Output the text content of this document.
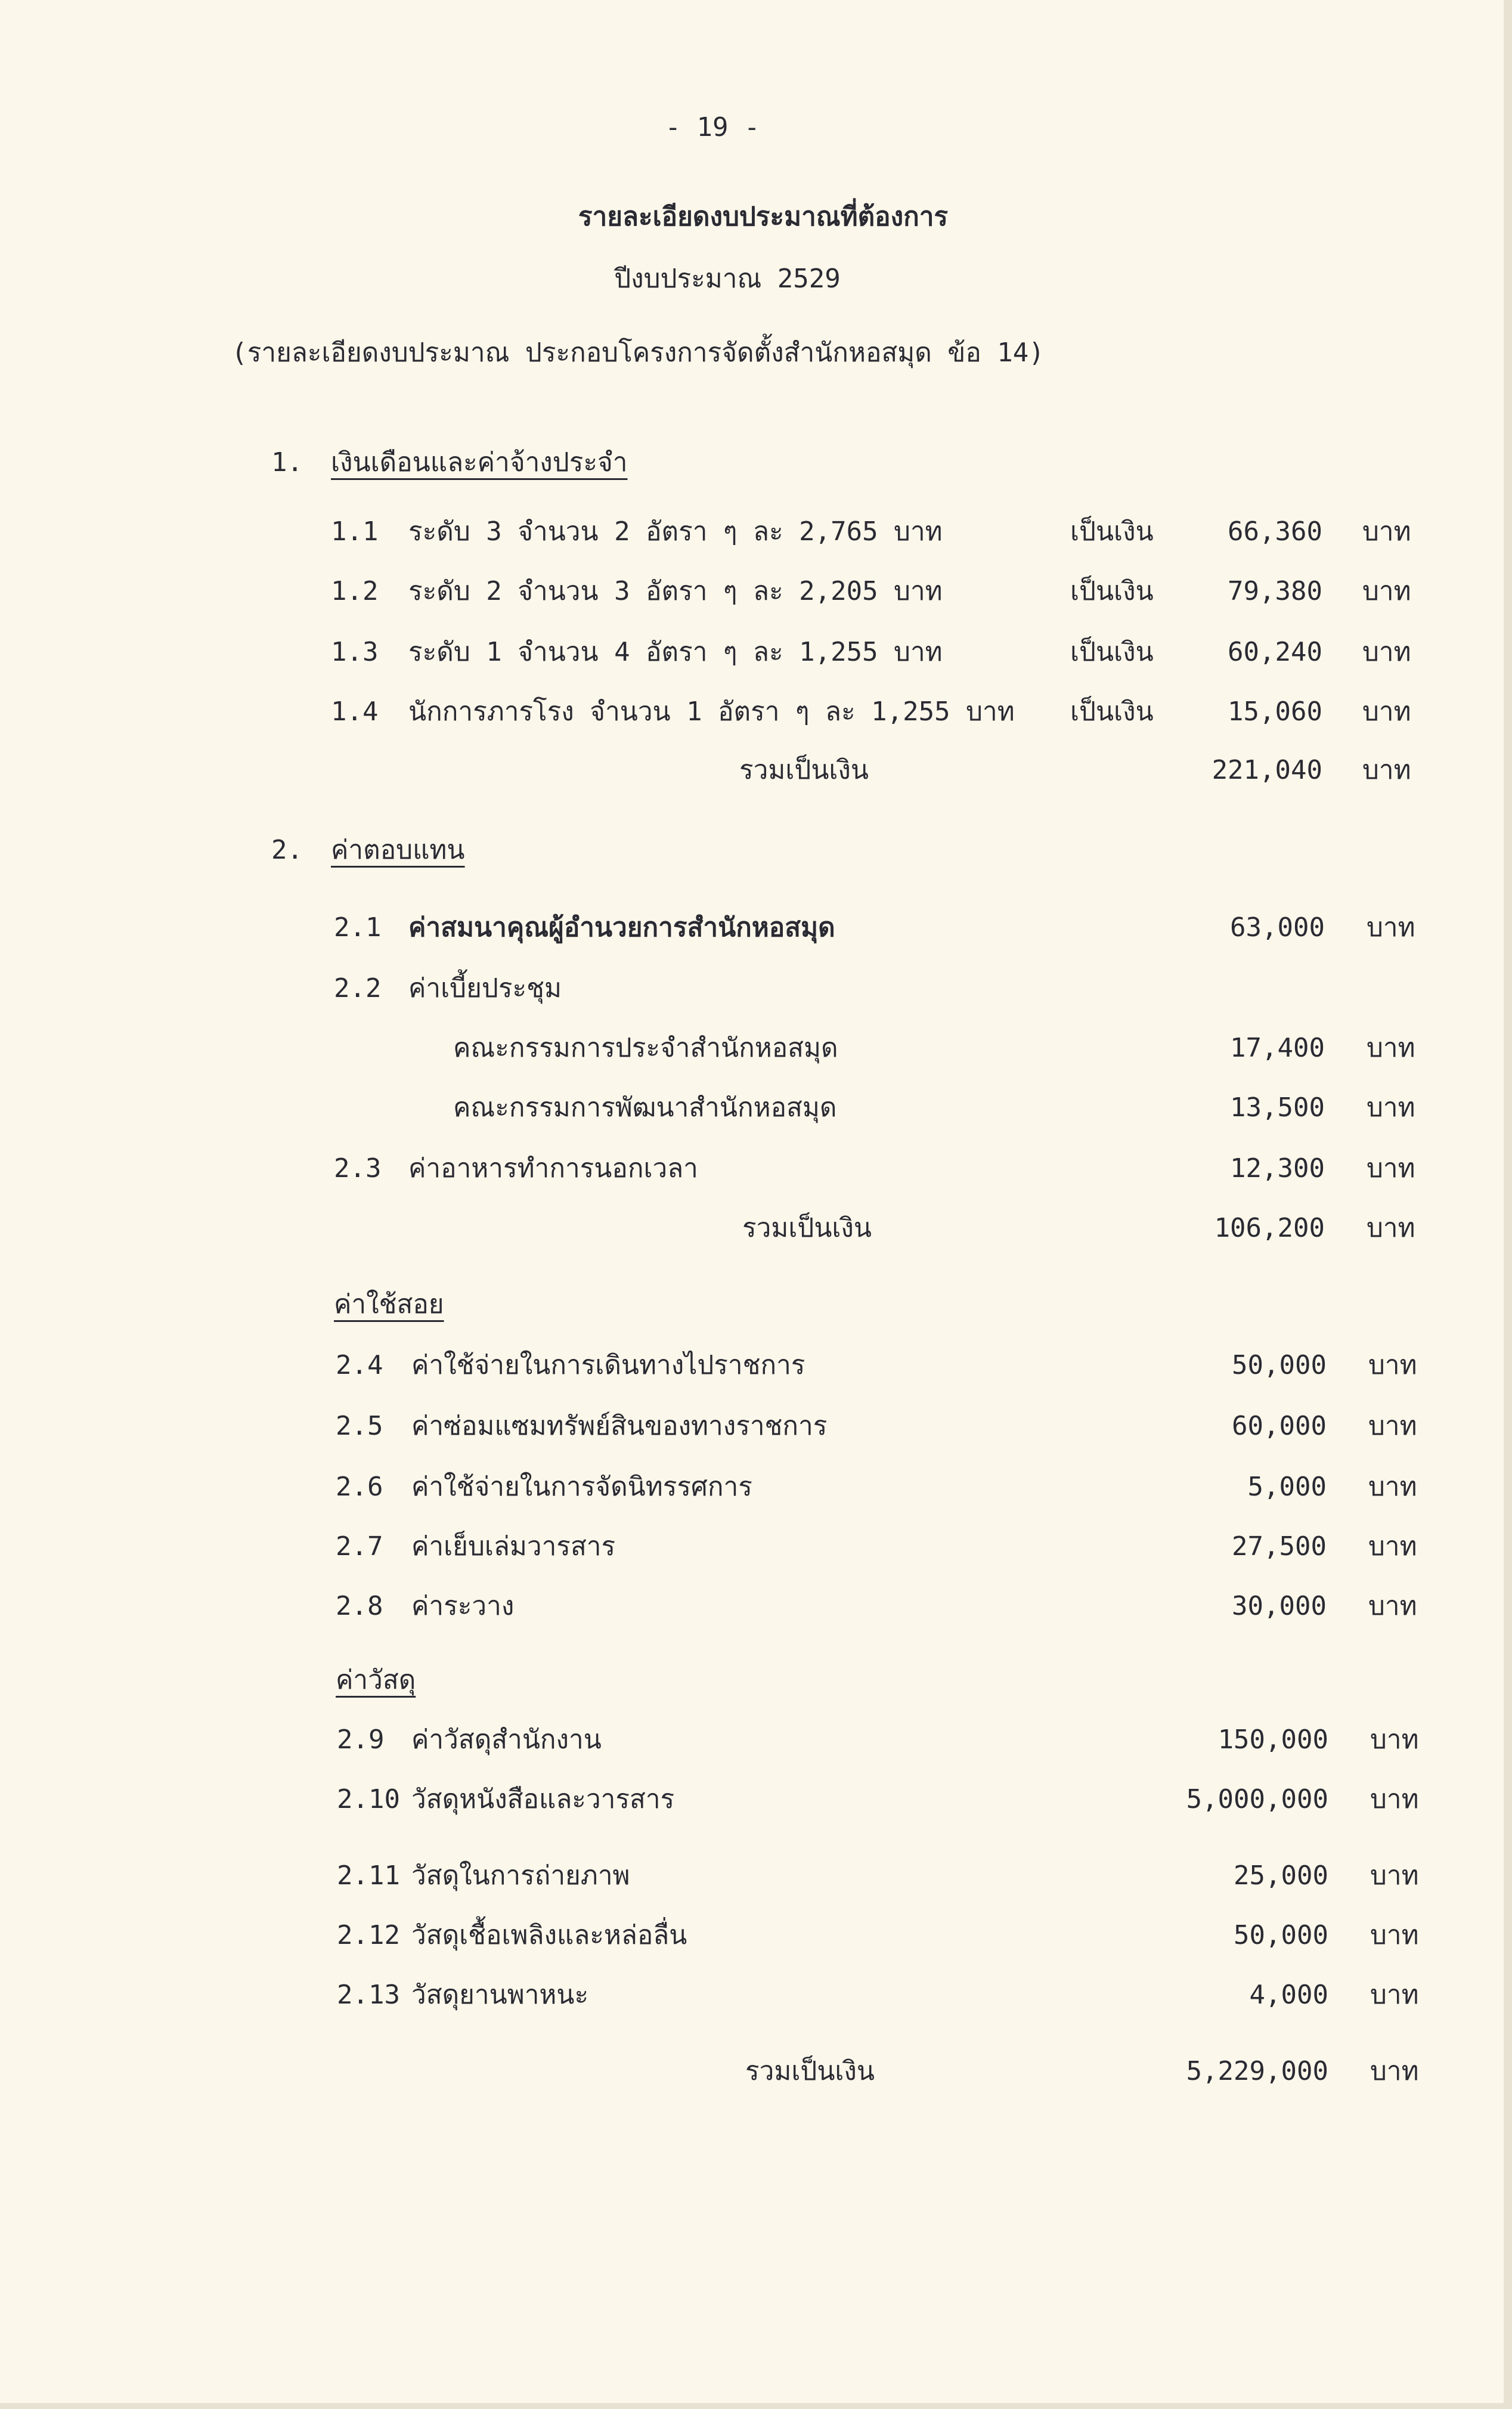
- 19 -
รายละเอียดงบประมาณที่ต้องการ
ปีงบประมาณ 2529
(รายละเอียดงบประมาณ ประกอบโครงการจัดตั้งสำนักหอสมุด ข้อ 14)
1. เงินเดือนและค่าจ้างประจำ
1.1 ระดับ 3 จำนวน 2 อัตรา ๆ ละ 2,765 บาท	เป็นเงิน	66,360 บาท
1.2 ระดับ 2 จำนวน 3 อัตรา ๆ ละ 2,205 บาท	เป็นเงิน	79,380 บาท
1.3 ระดับ 1 จำนวน 4 อัตรา ๆ ละ 1,255 บาท	เป็นเงิน	60,240 บาท
1.4 นักการภารโรง จำนวน 1 อัตรา ๆ ละ 1,255 บาท เป็นเงิน	15,060 บาท
รวมเป็นเงิน	221,040 บาท
2. ค่าตอบแทน
2.1 ค่าสมนาคุณผู้อำนวยการสำนักหอสมุด	63,000 บาท
2.2 ค่าเบี้ยประชุม
คณะกรรมการประจำสำนักหอสมุด	17,400 บาท
คณะกรรมการพัฒนาสำนักหอสมุด	13,500 บาท
2.3 ค่าอาหารทำการนอกเวลา	12,300 บาท
รวมเป็นเงิน	106,200 บาท
ค่าใช้สอย
2.4 ค่าใช้จ่ายในการเดินทางไปราชการ	50,000 บาท
2.5 ค่าซ่อมแซมทรัพย์สินของทางราชการ	60,000 บาท
2.6 ค่าใช้จ่ายในการจัดนิทรรศการ	5,000 บาท
2.7 ค่าเย็บเล่มวารสาร	27,500 บาท
2.8 ค่าระวาง	30,000 บาท
ค่าวัสดุ
2.9 ค่าวัสดุสำนักงาน	150,000 บาท
2.10 วัสดุหนังสือและวารสาร	5,000,000 บาท
2.11 วัสดุในการถ่ายภาพ	25,000 บาท
2.12 วัสดุเชื้อเพลิงและหล่อลื่น	50,000 บาท
2.13 วัสดุยานพาหนะ	4,000 บาท
รวมเป็นเงิน	5,229,000 บาท
